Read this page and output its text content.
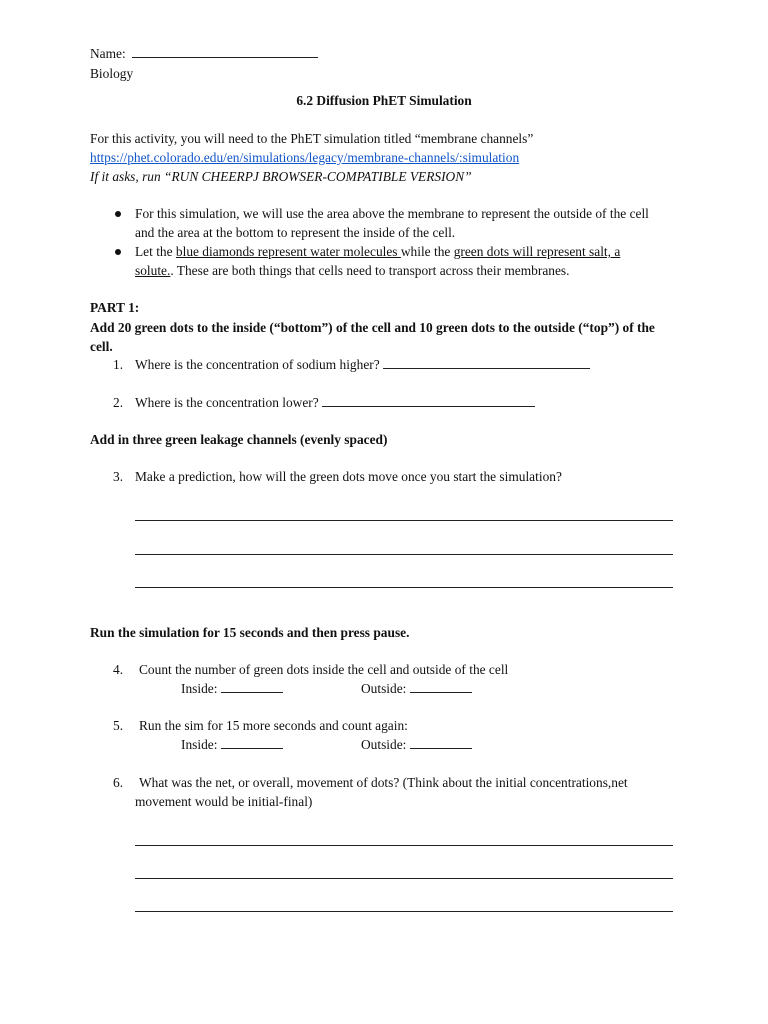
Name:
Biology
6.2 Diffusion PhET Simulation
For this activity, you will need to the PhET simulation titled “membrane channels”
https://phet.colorado.edu/en/simulations/legacy/membrane-channels/:simulation
If it asks, run “RUN CHEERPJ BROWSER-COMPATIBLE VERSION”
For this simulation, we will use the area above the membrane to represent the outside of the cell
and the area at the bottom to represent the inside of the cell.
Let the blue diamonds represent water molecules while the green dots will represent salt, a
solute.. These are both things that cells need to transport across their membranes.
PART 1:
Add 20 green dots to the inside (“bottom”) of the cell and 10 green dots to the outside (“top”) of the
cell.
1. Where is the concentration of sodium higher?
2. Where is the concentration lower?
Add in three green leakage channels (evenly spaced)
3. Make a prediction, how will the green dots move once you start the simulation?
Run the simulation for 15 seconds and then press pause.
4. Count the number of green dots inside the cell and outside of the cell
Inside:	Outside:
5. Run the sim for 15 more seconds and count again:
Inside:	Outside:
6. What was the net, or overall, movement of dots? (Think about the initial concentrations,net
movement would be initial-final)
